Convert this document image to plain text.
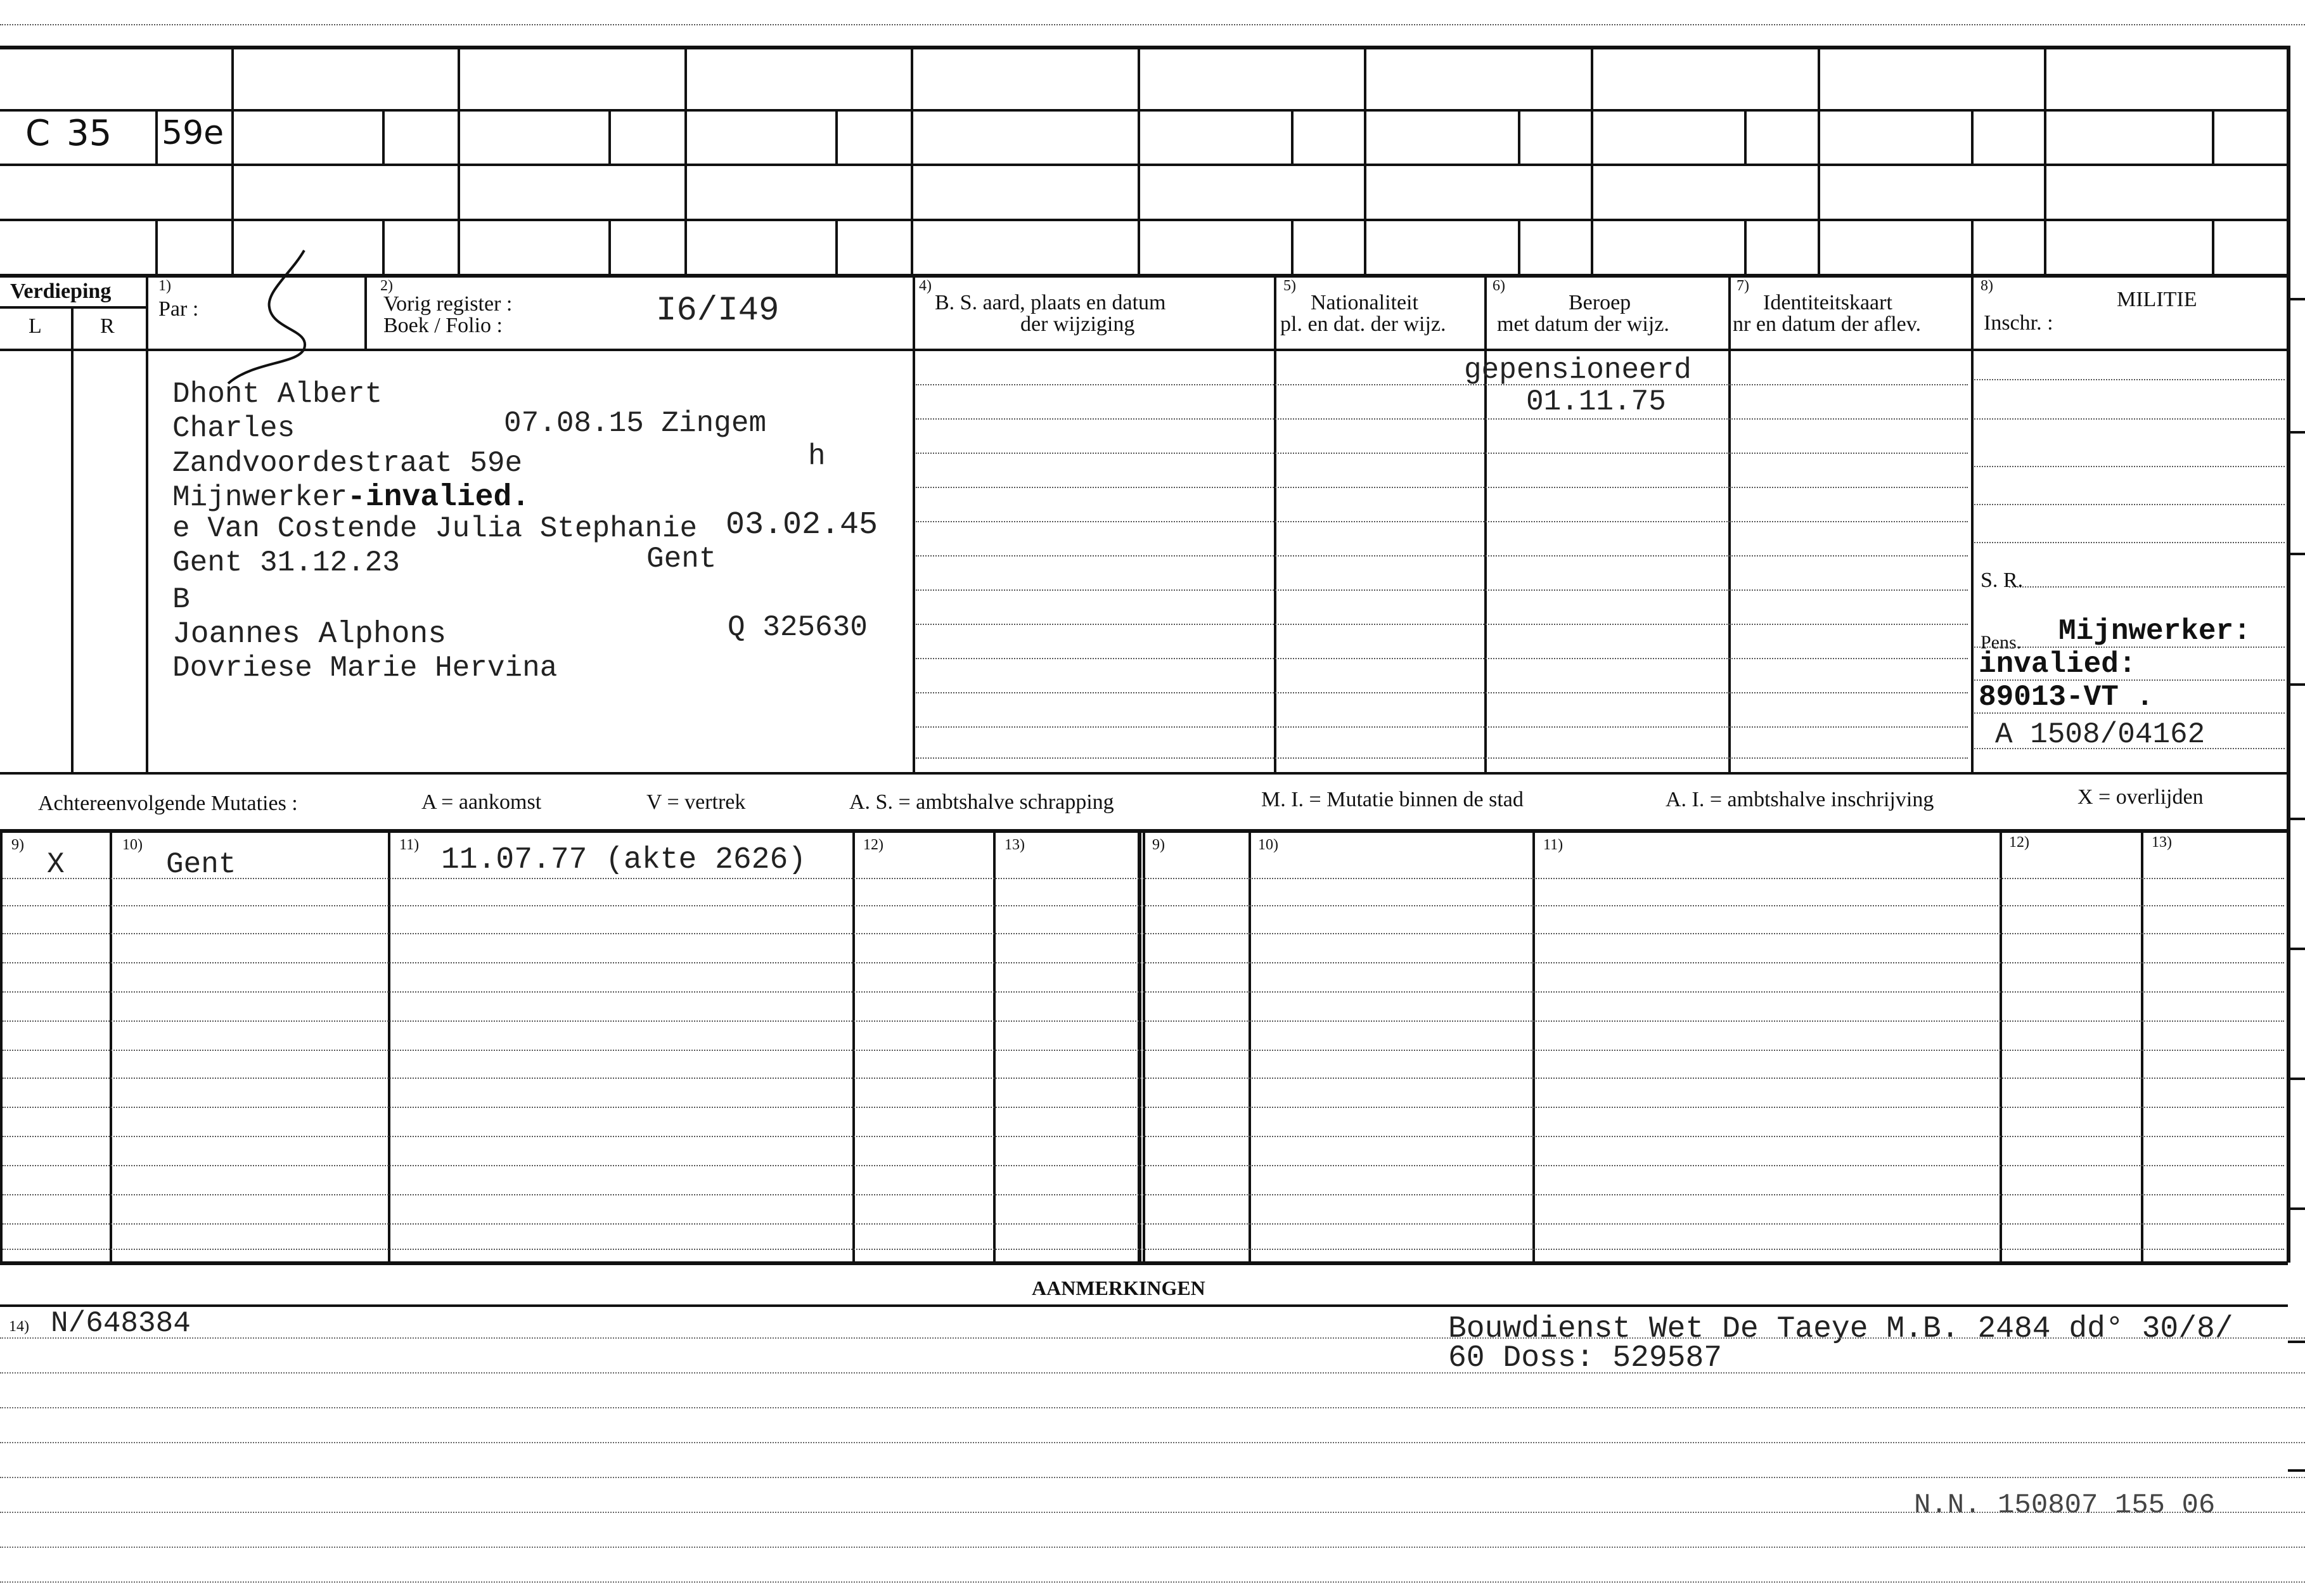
C 35 59e
Verdieping
L	R
1)
Par :
2)
Vorig register :
Boek / Folio :	I6/I49
4)
B. S. aard, plaats en datum
der wijziging
5)
Nationaliteit
pl. en dat. der wijz.
6)
Beroep
met datum der wijz.
7)
Identiteitskaart
nr en datum der aflev.
8)
MILITIE
Inschr. :
Dhont Albert
Charles	07.08.15 Zingem
Zandvoordestraat 59e	h
Mijnwerker-invalied.
e Van Costende Julia Stephanie 03.02.45
Gent 31.12.23	Gent
B
Joannes Alphons	Q 325630
Dovriese Marie Hervina
gepensioneerd
01.11.75
S. R.
Pens. Mijnwerker:
invalied:
89013-VT .
A 1508/04162
Achtereenvolgende Mutaties :	A = aankomst	V = vertrek	A. S. = ambtshalve schrapping	M. I. = Mutatie binnen de stad	A. I. = ambtshalve inschrijving	X = overlijden
9)	10)	11)	12)	13)	9)	10)	11)	12)	13)
X	Gent	11.07.77 (akte 2626)
AANMERKINGEN
14) N/648384	Bouwdienst Wet De Taeye M.B. 2484 dd° 30/8/
60 Doss: 529587
N.N. 150807 155 06
